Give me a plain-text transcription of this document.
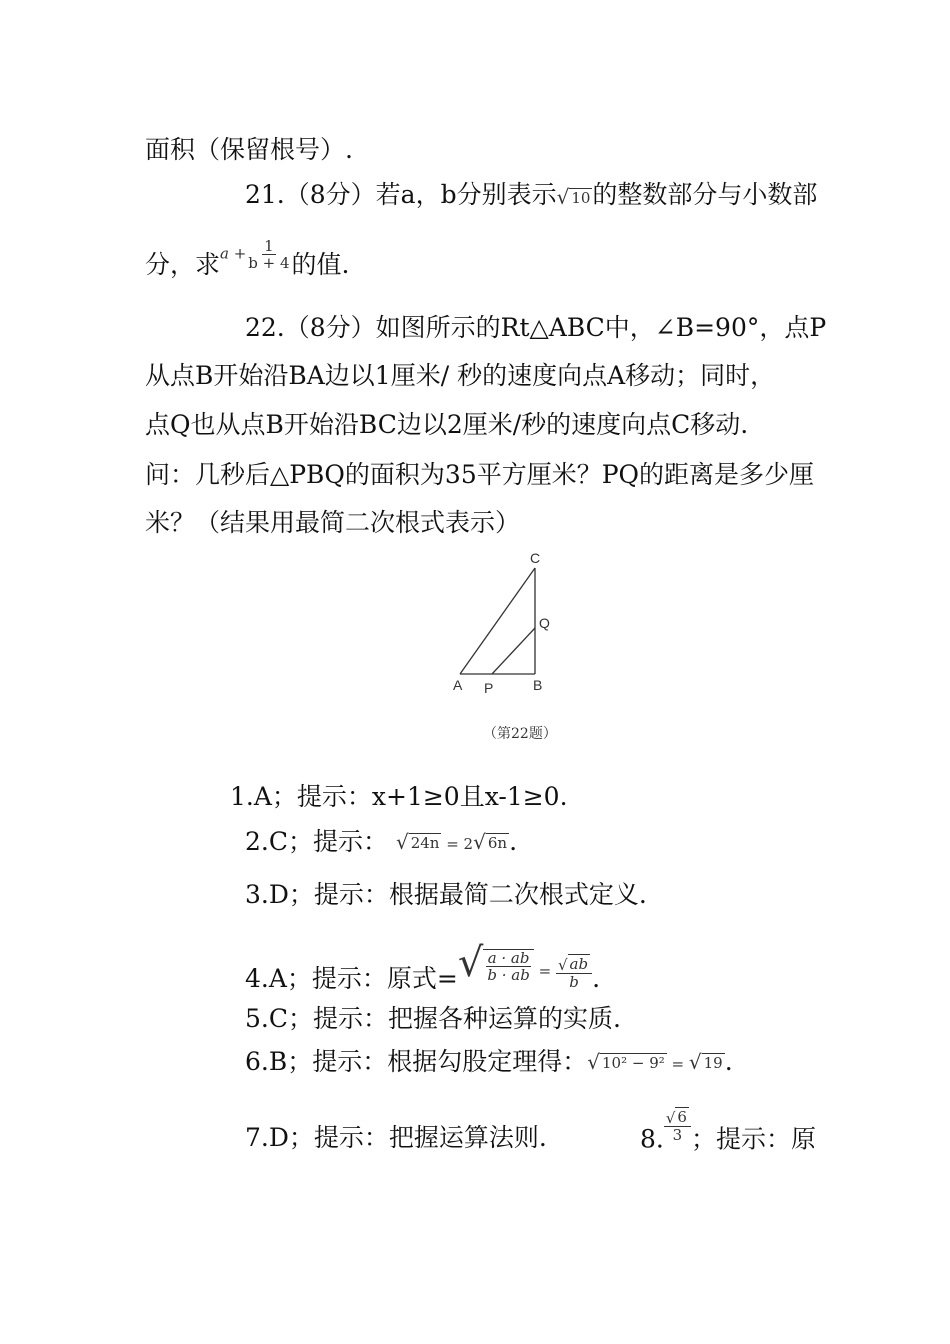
面积（保留根号）.
21.（8分）若a，b分别表示 √ 10 的整数部分与小数部
分，求$a + \frac{1}{b + 4}$ 的值.
22.（8分）如图所示的Rt△ABC中，∠B=90°，点P
从点B开始沿BA边以1厘米/ 秒的速度向点A移动；同时，
点Q也从点B开始沿BC边以2厘米/秒的速度向点C移动.
问：几秒后△PBQ的面积为35平方厘米？PQ的距离是多少厘
米？（结果用最简二次根式表示）
C
Q
A P	B
（第22题）
1.A；提示：x+1≥0且x-1≥0.
2.C；提示： √ 24n = 2 √ 6n .
3.D；提示：根据最简二次根式定义.
4.A；提示：原式= √ $\frac{a \cdot ab}{b \cdot ab} = \frac{√ ab}{b}$ .
5.C；提示：把握各种运算的实质.
6.B；提示：根据勾股定理得： √ 10² − 9² = √ 19 .
7.D；提示：把握运算法则.	8. $\frac{√ 6}{3}$ ；提示：原
